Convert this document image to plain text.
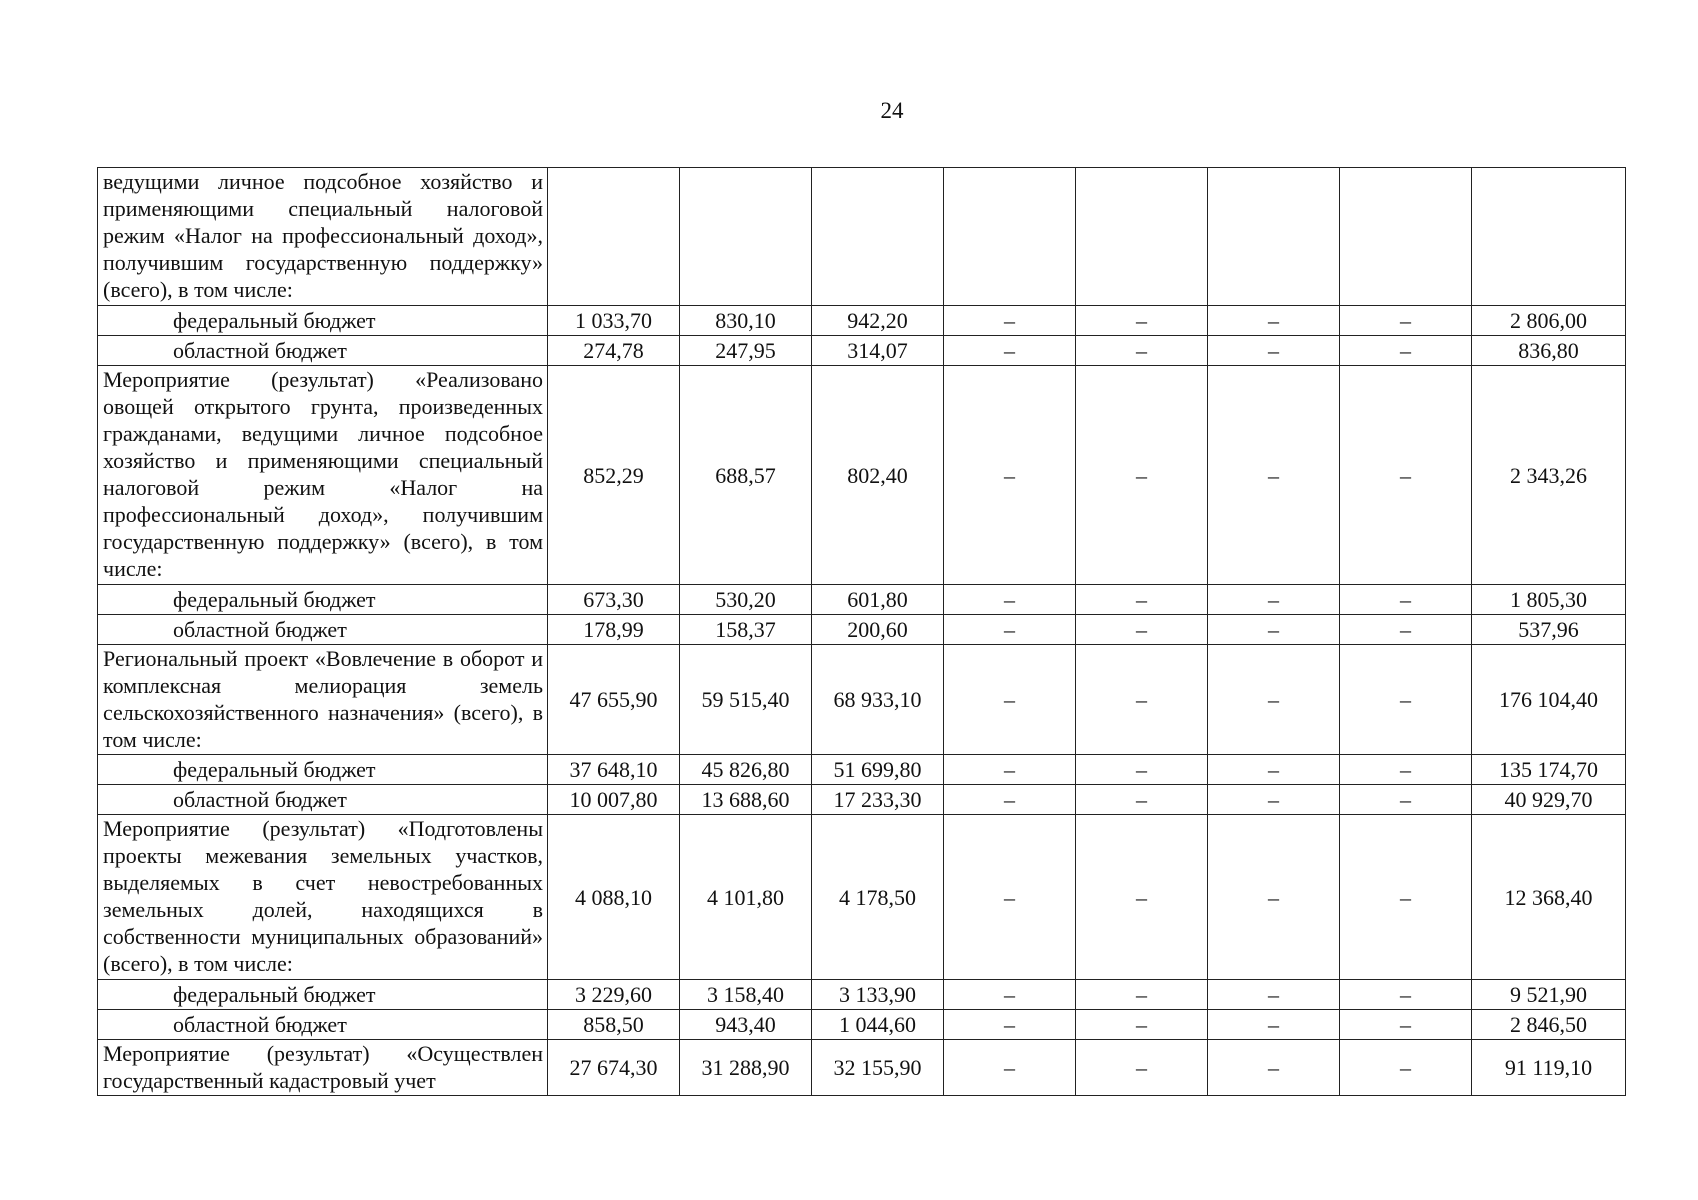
24
ведущими личное подсобное хозяйство и применяющими специальный налоговой режим «Налог на профессиональный доход», получившим государственную поддержку» (всего), в том числе:								
федеральный бюджет	1 033,70	830,10	942,20	–	–	–	–	2 806,00
областной бюджет	274,78	247,95	314,07	–	–	–	–	836,80
Мероприятие (результат) «Реализовано овощей открытого грунта, произведенных гражданами, ведущими личное подсобное хозяйство и применяющими специальный налоговой режим «Налог на профессиональный доход», получившим государственную поддержку» (всего), в том числе:	852,29	688,57	802,40	–	–	–	–	2 343,26
федеральный бюджет	673,30	530,20	601,80	–	–	–	–	1 805,30
областной бюджет	178,99	158,37	200,60	–	–	–	–	537,96
Региональный проект «Вовлечение в оборот и комплексная мелиорация земель сельскохозяйственного назначения» (всего), в том числе:	47 655,90	59 515,40	68 933,10	–	–	–	–	176 104,40
федеральный бюджет	37 648,10	45 826,80	51 699,80	–	–	–	–	135 174,70
областной бюджет	10 007,80	13 688,60	17 233,30	–	–	–	–	40 929,70
Мероприятие (результат) «Подготовлены проекты межевания земельных участков, выделяемых в счет невостребованных земельных долей, находящихся в собственности муниципальных образований» (всего), в том числе:	4 088,10	4 101,80	4 178,50	–	–	–	–	12 368,40
федеральный бюджет	3 229,60	3 158,40	3 133,90	–	–	–	–	9 521,90
областной бюджет	858,50	943,40	1 044,60	–	–	–	–	2 846,50
Мероприятие (результат) «Осуществлен государственный кадастровый учет	27 674,30	31 288,90	32 155,90	–	–	–	–	91 119,10
